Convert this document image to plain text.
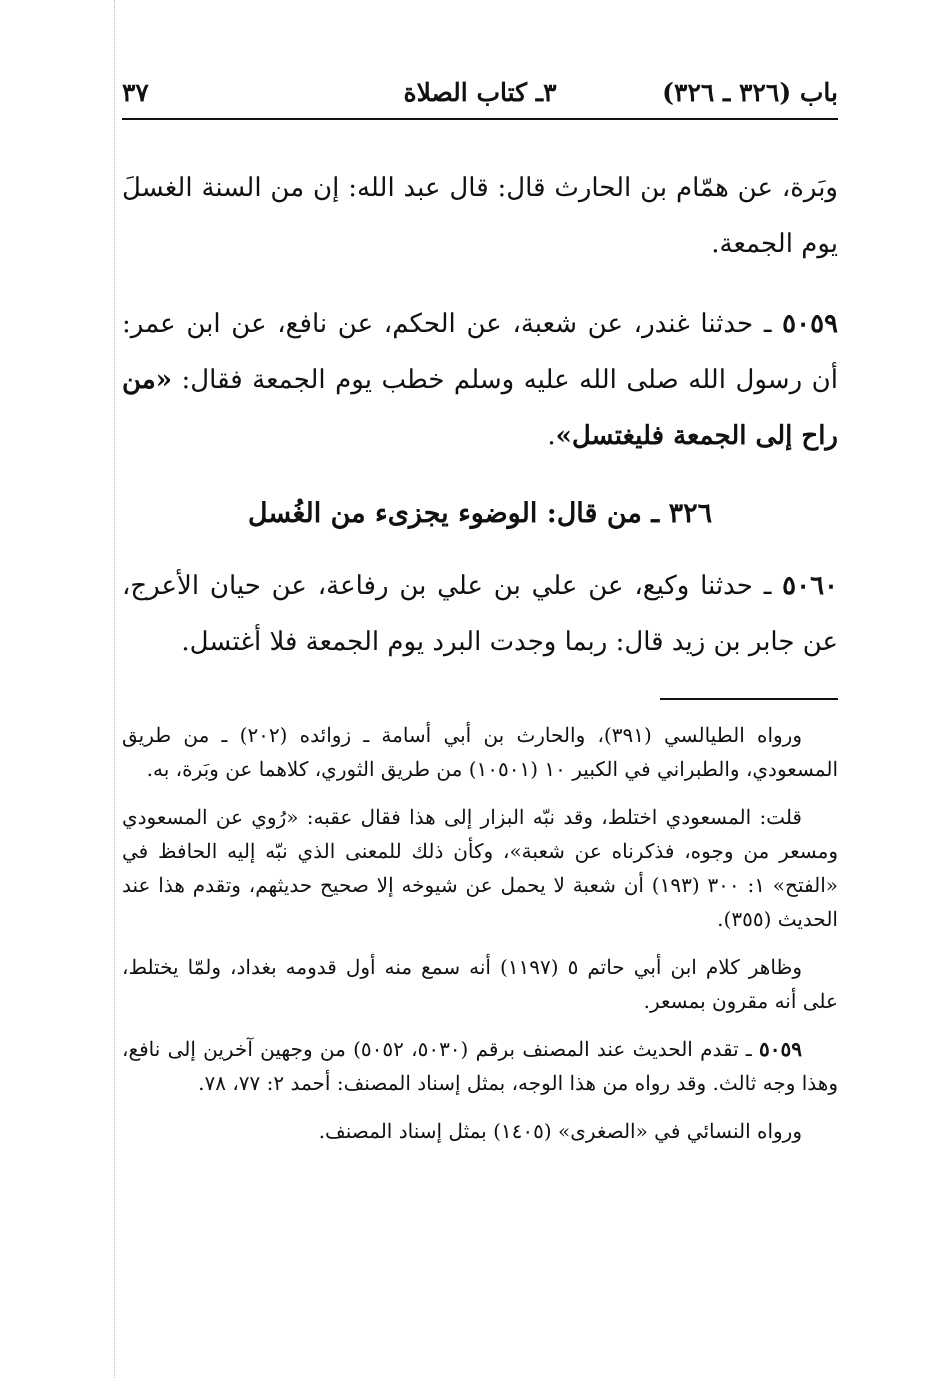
باب (٣٢٦ ـ ٣٢٦)
٣ـ كتاب الصلاة
٣٧

وبَرة، عن همّام بن الحارث قال: قال عبد الله: إن من السنة الغسلَ يوم الجمعة.

٥٠٥٩ ـ حدثنا غندر، عن شعبة، عن الحكم، عن نافع، عن ابن عمر: أن رسول الله صلى الله عليه وسلم خطب يوم الجمعة فقال: «من راح إلى الجمعة فليغتسل».

٣٢٦ ـ من قال: الوضوء يجزىء من الغُسل

٥٠٦٠ ـ حدثنا وكيع، عن علي بن علي بن رفاعة، عن حيان الأعرج، عن جابر بن زيد قال: ربما وجدت البرد يوم الجمعة فلا أغتسل.

ورواه الطيالسي (٣٩١)، والحارث بن أبي أسامة ـ زوائده (٢٠٢) ـ من طريق المسعودي، والطبراني في الكبير ١٠ (١٠٥٠١) من طريق الثوري، كلاهما عن وبَرة، به.

قلت: المسعودي اختلط، وقد نبّه البزار إلى هذا فقال عقبه: «رُوي عن المسعودي ومسعر من وجوه، فذكرناه عن شعبة»، وكأن ذلك للمعنى الذي نبّه إليه الحافظ في «الفتح» ١: ٣٠٠ (١٩٣) أن شعبة لا يحمل عن شيوخه إلا صحيح حديثهم، وتقدم هذا عند الحديث (٣٥٥).

وظاهر كلام ابن أبي حاتم ٥ (١١٩٧) أنه سمع منه أول قدومه بغداد، ولمّا يختلط، على أنه مقرون بمسعر.

٥٠٥٩ ـ تقدم الحديث عند المصنف برقم (٥٠٣٠، ٥٠٥٢) من وجهين آخرين إلى نافع، وهذا وجه ثالث. وقد رواه من هذا الوجه، بمثل إسناد المصنف: أحمد ٢: ٧٧، ٧٨.

ورواه النسائي في «الصغرى» (١٤٠٥) بمثل إسناد المصنف.
